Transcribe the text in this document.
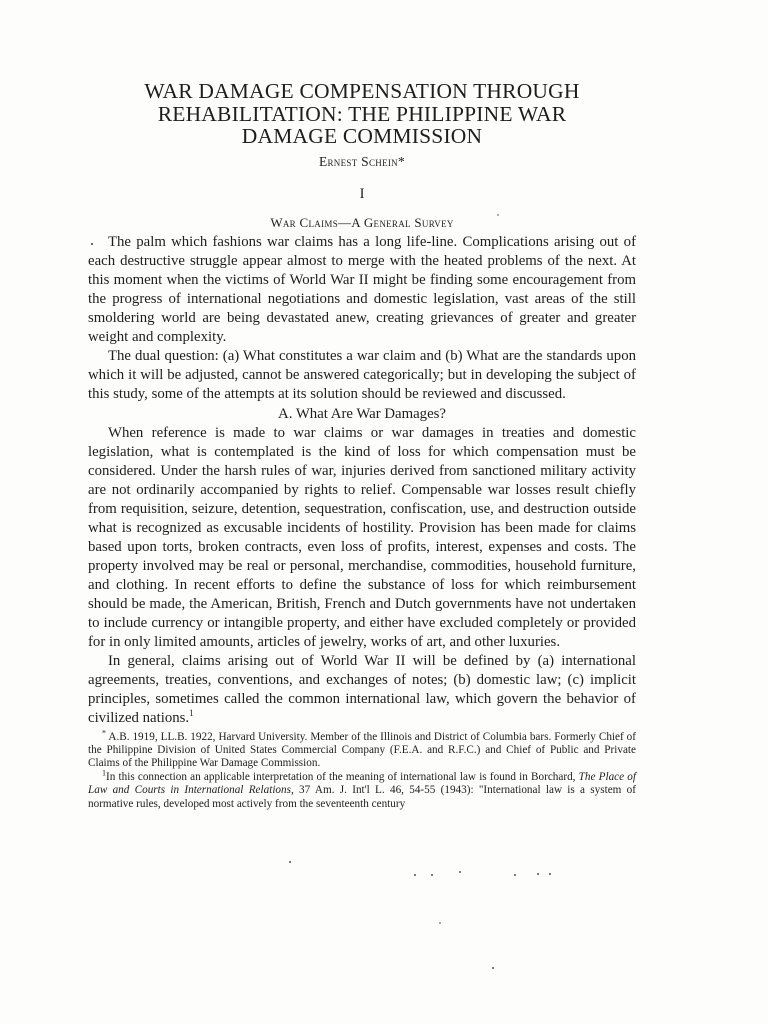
WAR DAMAGE COMPENSATION THROUGH
REHABILITATION: THE PHILIPPINE WAR
DAMAGE COMMISSION
Ernest Schein*
I
War Claims—A General Survey

The palm which fashions war claims has a long life-line. Complications arising out of each destructive struggle appear almost to merge with the heated problems of the next. At this moment when the victims of World War II might be finding some encouragement from the progress of international negotiations and domestic legislation, vast areas of the still smoldering world are being devastated anew, creating grievances of greater and greater weight and complexity.

The dual question: (a) What constitutes a war claim and (b) What are the standards upon which it will be adjusted, cannot be answered categorically; but in developing the subject of this study, some of the attempts at its solution should be reviewed and discussed.

A. What Are War Damages?

When reference is made to war claims or war damages in treaties and domestic legislation, what is contemplated is the kind of loss for which compensation must be considered. Under the harsh rules of war, injuries derived from sanctioned military activity are not ordinarily accompanied by rights to relief. Compensable war losses result chiefly from requisition, seizure, detention, sequestration, confiscation, use, and destruction outside what is recognized as excusable incidents of hostility. Provision has been made for claims based upon torts, broken contracts, even loss of profits, interest, expenses and costs. The property involved may be real or personal, merchandise, commodities, household furniture, and clothing. In recent efforts to define the substance of loss for which reimbursement should be made, the American, British, French and Dutch governments have not undertaken to include currency or intangible property, and either have excluded completely or provided for in only limited amounts, articles of jewelry, works of art, and other luxuries.

In general, claims arising out of World War II will be defined by (a) international agreements, treaties, conventions, and exchanges of notes; (b) domestic law; (c) implicit principles, sometimes called the common international law, which govern the behavior of civilized nations.$^1$

* A.B. 1919, LL.B. 1922, Harvard University. Member of the Illinois and District of Columbia bars. Formerly Chief of the Philippine Division of United States Commercial Company (F.E.A. and R.F.C.) and Chief of Public and Private Claims of the Philippine War Damage Commission.

$^1$In this connection an applicable interpretation of the meaning of international law is found in Borchard, The Place of Law and Courts in International Relations, 37 Am. J. Int'l L. 46, 54-55 (1943): "International law is a system of normative rules, developed most actively from the seventeenth century
